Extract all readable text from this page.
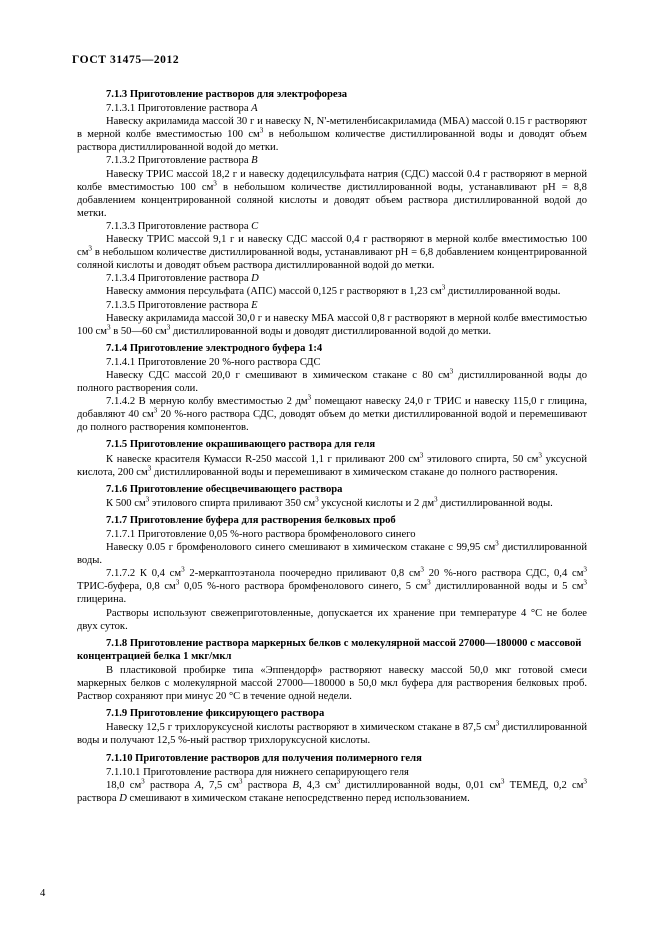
ГОСТ 31475—2012

7.1.3 Приготовление растворов для электрофореза

7.1.3.1 Приготовление раствора A

Навеску акриламида массой 30 г и навеску N, N'-метиленбисакриламида (МБА) массой 0.15 г растворяют в мерной колбе вместимостью 100 $см^3$ в небольшом количестве дистиллированной воды и доводят объем раствора дистиллированной водой до метки.

7.1.3.2 Приготовление раствора B

Навеску ТРИС массой 18,2 г и навеску додецилсульфата натрия (СДС) массой 0.4 г растворяют в мерной колбе вместимостью 100 $см^3$ в небольшом количестве дистиллированной воды, устанавливают pH = 8,8 добавлением концентрированной соляной кислоты и доводят объем раствора дистиллированной водой до метки.

7.1.3.3 Приготовление раствора C

Навеску ТРИС массой 9,1 г и навеску СДС массой 0,4 г растворяют в мерной колбе вместимостью 100 $см^3$ в небольшом количестве дистиллированной воды, устанавливают pH = 6,8 добавлением концентрированной соляной кислоты и доводят объем раствора дистиллированной водой до метки.

7.1.3.4 Приготовление раствора D

Навеску аммония персульфата (АПС) массой 0,125 г растворяют в 1,23 $см^3$ дистиллированной воды.

7.1.3.5 Приготовление раствора E

Навеску акриламида массой 30,0 г и навеску МБА массой 0,8 г растворяют в мерной колбе вместимостью 100 $см^3$ в 50—60 $см^3$ дистиллированной воды и доводят дистиллированной водой до метки.

7.1.4 Приготовление электродного буфера 1:4

7.1.4.1 Приготовление 20 %-ного раствора СДС

Навеску СДС массой 20,0 г смешивают в химическом стакане с 80 $см^3$ дистиллированной воды до полного растворения соли.

7.1.4.2 В мерную колбу вместимостью 2 $дм^3$ помещают навеску 24,0 г ТРИС и навеску 115,0 г глицина, добавляют 40 $см^3$ 20 %-ного раствора СДС, доводят объем до метки дистиллированной водой и перемешивают до полного растворения компонентов.

7.1.5 Приготовление окрашивающего раствора для геля

К навеске красителя Кумасси R-250 массой 1,1 г приливают 200 $см^3$ этилового спирта, 50 $см^3$ уксусной кислота, 200 $см^3$ дистиллированной воды и перемешивают в химическом стакане до полного растворения.

7.1.6 Приготовление обесцвечивающего раствора

К 500 $см^3$ этилового спирта приливают 350 $см^3$ уксусной кислоты и 2 $дм^3$ дистиллированной воды.

7.1.7 Приготовление буфера для растворения белковых проб

7.1.7.1 Приготовление 0,05 %-ного раствора бромфенолового синего

Навеску 0.05 г бромфенолового синего смешивают в химическом стакане с 99,95 $см^3$ дистиллированной воды.

7.1.7.2 К 0,4 $см^3$ 2-меркаптоэтанола поочередно приливают 0,8 $см^3$ 20 %-ного раствора СДС, 0,4 $см^3$ ТРИС-буфера, 0,8 $см^3$ 0,05 %-ного раствора бромфенолового синего, 5 $см^3$ дистиллированной воды и 5 $см^3$ глицерина.

Растворы используют свежеприготовленные, допускается их хранение при температуре 4 °C не более двух суток.

7.1.8 Приготовление раствора маркерных белков с молекулярной массой 27000—180000 с массовой концентрацией белка 1 мкг/мкл

В пластиковой пробирке типа «Эппендорф» растворяют навеску массой 50,0 мкг готовой смеси маркерных белков с молекулярной массой 27000—180000 в 50,0 мкл буфера для растворения белковых проб. Раствор сохраняют при минус 20 °C в течение одной недели.

7.1.9 Приготовление фиксирующего раствора

Навеску 12,5 г трихлоруксусной кислоты растворяют в химическом стакане в 87,5 $см^3$ дистиллированной воды и получают 12,5 %-ный раствор трихлоруксусной кислоты.

7.1.10 Приготовление растворов для получения полимерного геля

7.1.10.1 Приготовление раствора для нижнего сепарирующего геля

18,0 $см^3$ раствора A, 7,5 $см^3$ раствора B, 4,3 $см^3$ дистиллированной воды, 0,01 $см^3$ ТЕМЕД, 0,2 $см^3$ раствора D смешивают в химическом стакане непосредственно перед использованием.

4
